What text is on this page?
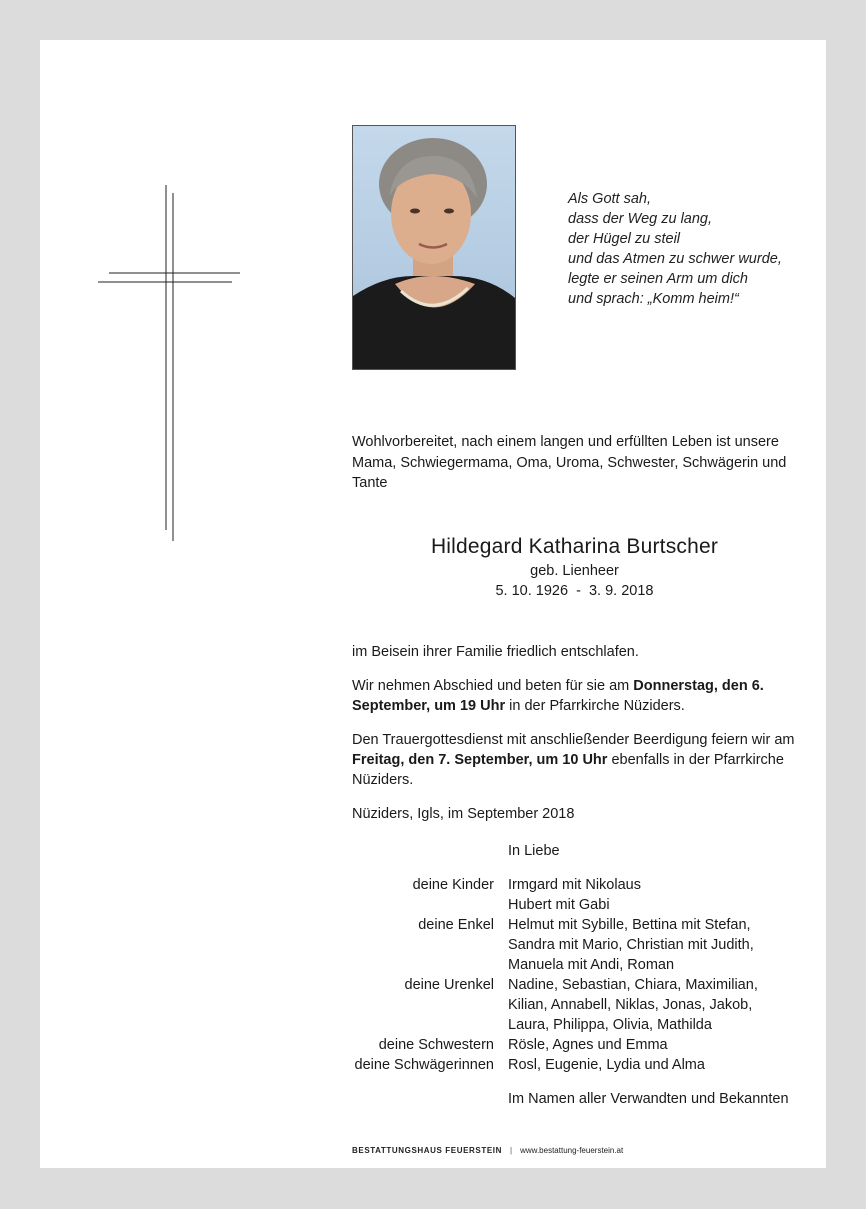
Als Gott sah,
dass der Weg zu lang,
der Hügel zu steil
und das Atmen zu schwer wurde,
legte er seinen Arm um dich
und sprach: „Komm heim!“
Wohlvorbereitet, nach einem langen und erfüllten Leben ist unsere Mama, Schwiegermama, Oma, Uroma, Schwester, Schwägerin und Tante
Hildegard Katharina Burtscher
geb. Lienheer
5. 10. 1926  -  3. 9. 2018

im Beisein ihrer Familie friedlich entschlafen.

Wir nehmen Abschied und beten für sie am Donnerstag, den 6. September, um 19 Uhr in der Pfarrkirche Nüziders.

Den Trauergottesdienst mit anschließender Beerdigung feiern wir am Freitag, den 7. September, um 10 Uhr ebenfalls in der Pfarrkirche Nüziders.

Nüziders, Igls, im September 2018

In Liebe
deine Kinder Irmgard mit Nikolaus
Hubert mit Gabi
deine Enkel Helmut mit Sybille, Bettina mit Stefan,
Sandra mit Mario, Christian mit Judith,
Manuela mit Andi, Roman
deine Urenkel Nadine, Sebastian, Chiara, Maximilian,
Kilian, Annabell, Niklas, Jonas, Jakob,
Laura, Philippa, Olivia, Mathilda
deine Schwestern Rösle, Agnes und Emma
deine Schwägerinnen Rosl, Eugenie, Lydia und Alma
Im Namen aller Verwandten und Bekannten
BESTATTUNGSHAUS FEUERSTEIN | www.bestattung-feuerstein.at
